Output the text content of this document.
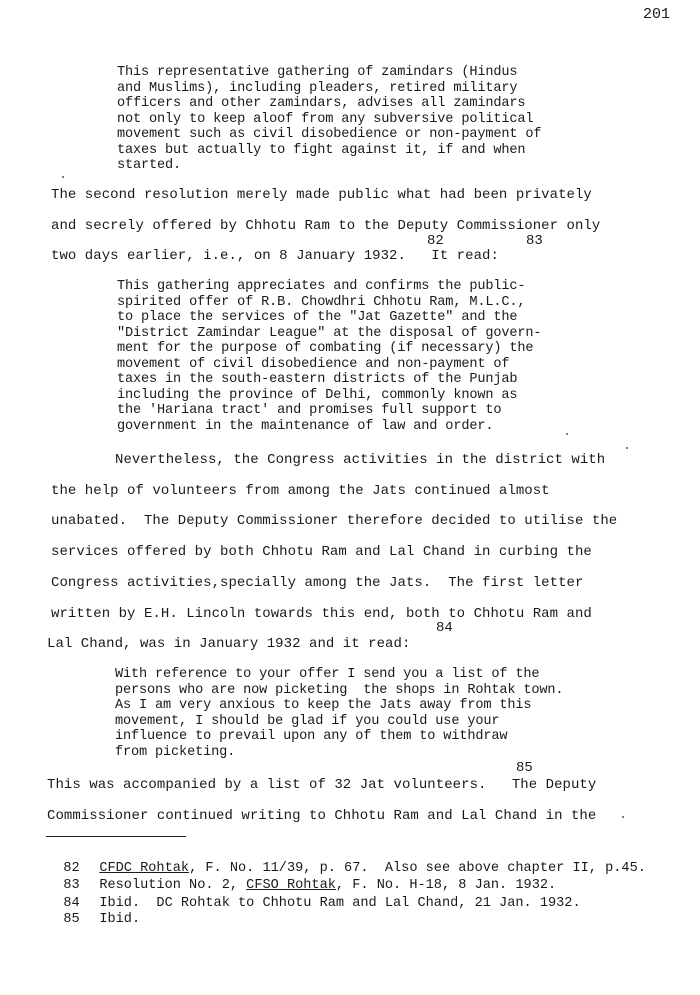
201
This representative gathering of zamindars (Hindus
and Muslims), including pleaders, retired military
officers and other zamindars, advises all zamindars
not only to keep aloof from any subversive political
movement such as civil disobedience or non-payment of
taxes but actually to fight against it, if and when
started.
The second resolution merely made public what had been privately
and secrely offered by Chhotu Ram to the Deputy Commissioner only
82	83
two days earlier, i.e., on 8 January 1932.   It read:
This gathering appreciates and confirms the public-
spirited offer of R.B. Chowdhri Chhotu Ram, M.L.C.,
to place the services of the "Jat Gazette" and the
"District Zamindar League" at the disposal of govern-
ment for the purpose of combating (if necessary) the
movement of civil disobedience and non-payment of
taxes in the south-eastern districts of the Punjab
including the province of Delhi, commonly known as
the 'Hariana tract' and promises full support to
government in the maintenance of law and order.
Nevertheless, the Congress activities in the district with
the help of volunteers from among the Jats continued almost
unabated.  The Deputy Commissioner therefore decided to utilise the
services offered by both Chhotu Ram and Lal Chand in curbing the
Congress activities,specially among the Jats.  The first letter
written by E.H. Lincoln towards this end, both to Chhotu Ram and
84
Lal Chand, was in January 1932 and it read:
With reference to your offer I send you a list of the
persons who are now picketing  the shops in Rohtak town.
As I am very anxious to keep the Jats away from this
movement, I should be glad if you could use your
influence to prevail upon any of them to withdraw
from picketing.
85
This was accompanied by a list of 32 Jat volunteers.   The Deputy
Commissioner continued writing to Chhotu Ram and Lal Chand in the

82 CFDC Rohtak, F. No. 11/39, p. 67.  Also see above chapter II, p.45.

83 Resolution No. 2, CFSO Rohtak, F. No. H-18, 8 Jan. 1932.

84 Ibid.  DC Rohtak to Chhotu Ram and Lal Chand, 21 Jan. 1932.

85 Ibid.
